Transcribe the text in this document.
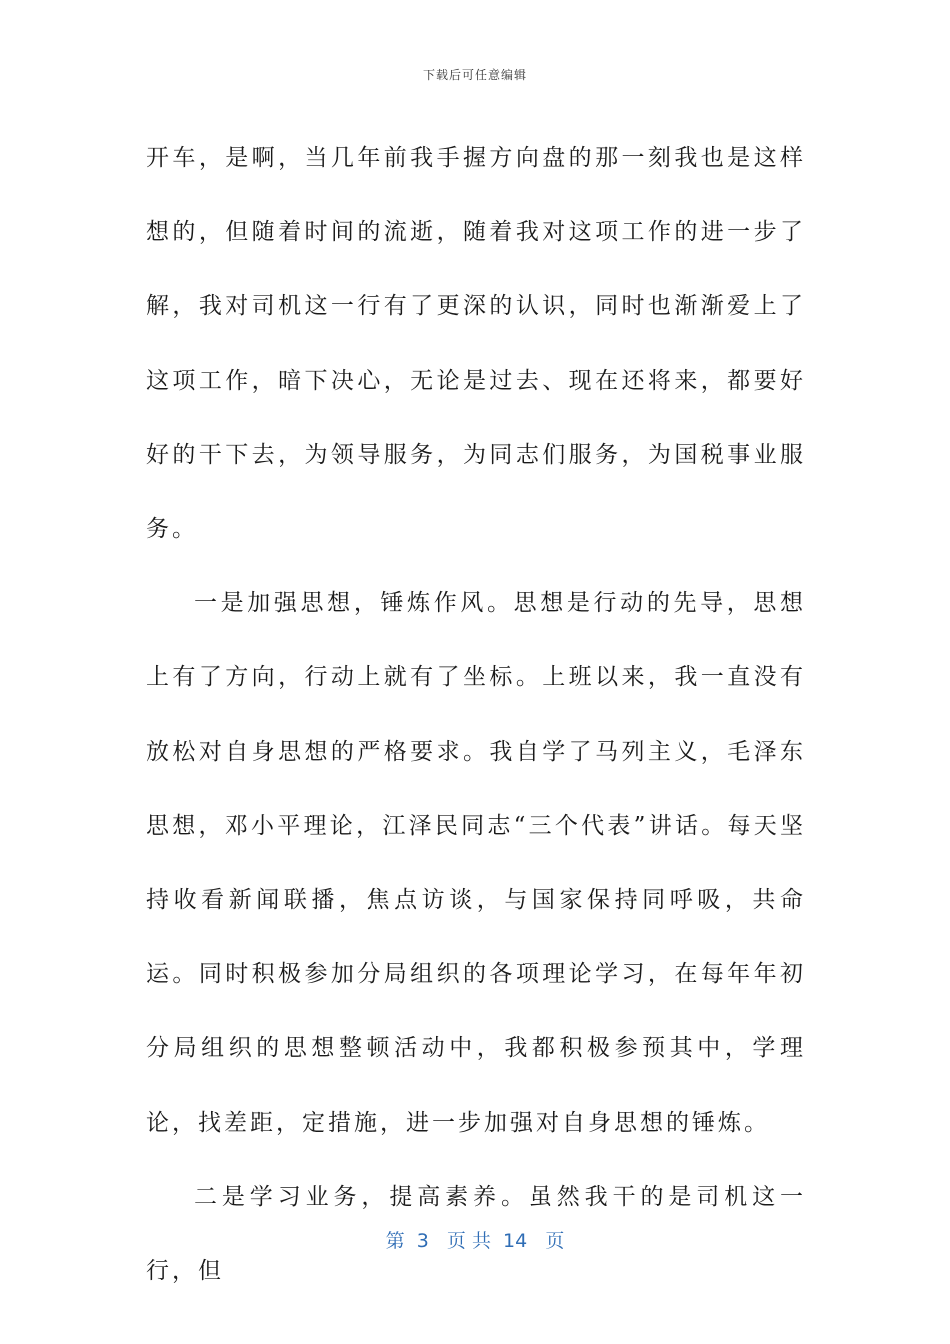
下载后可任意编辑

开车，是啊，当几年前我手握方向盘的那一刻我也是这样想的，但随着时间的流逝，随着我对这项工作的进一步了解，我对司机这一行有了更深的认识，同时也渐渐爱上了这项工作，暗下决心，无论是过去、现在还将来，都要好好的干下去，为领导服务，为同志们服务，为国税事业服务。

一是加强思想，锤炼作风。思想是行动的先导，思想上有了方向，行动上就有了坐标。上班以来，我一直没有放松对自身思想的严格要求。我自学了马列主义，毛泽东思想，邓小平理论，江泽民同志“三个代表”讲话。每天坚持收看新闻联播，焦点访谈，与国家保持同呼吸，共命运。同时积极参加分局组织的各项理论学习，在每年年初分局组织的思想整顿活动中，我都积极参预其中，学理论，找差距，定措施，进一步加强对自身思想的锤炼。

二是学习业务，提高素养。虽然我干的是司机这一行，但

第  3   页 共  14   页
